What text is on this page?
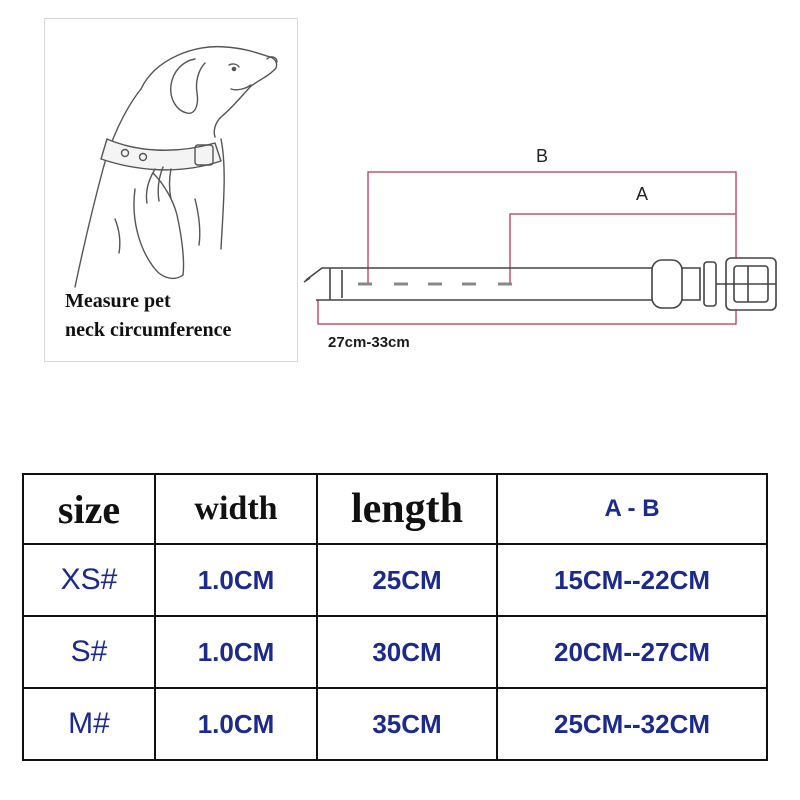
Measure pet
neck circumference
B
A
27cm-33cm
size	width	length	A - B
XS#	1.0CM	25CM	15CM--22CM
S#	1.0CM	30CM	20CM--27CM
M#	1.0CM	35CM	25CM--32CM
